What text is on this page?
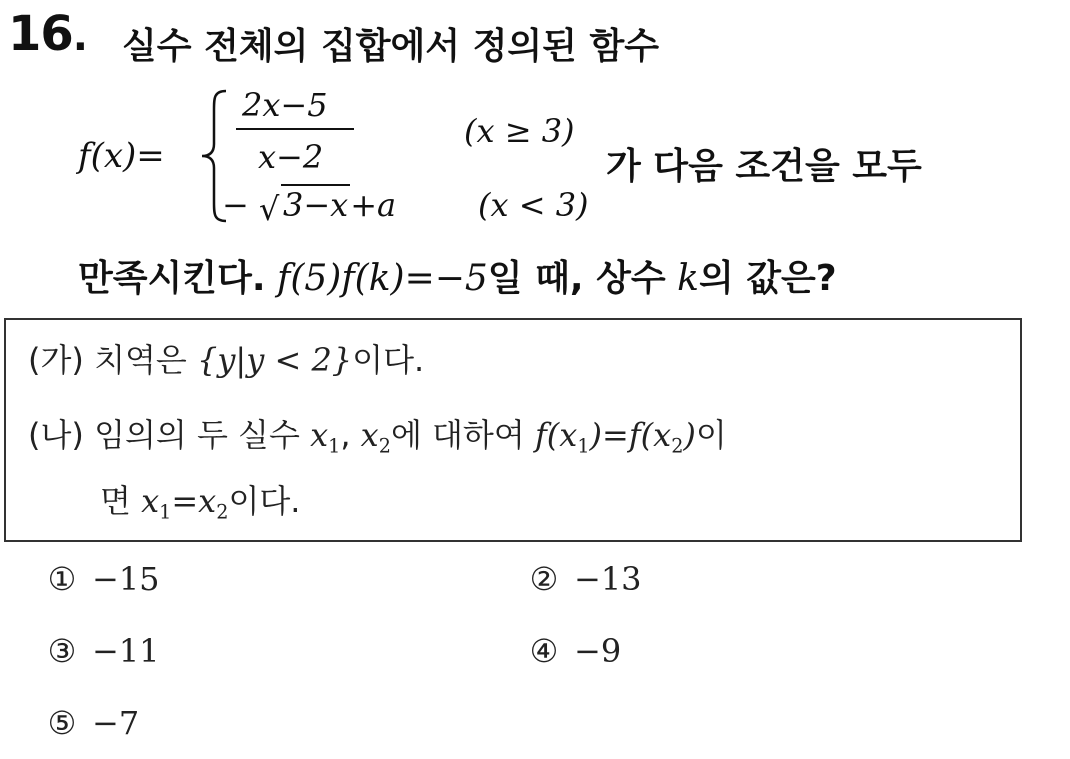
16. 실수 전체의 집합에서 정의된 함수
f(x)=
2x−5
x−2
(x ≥ 3)
− √ 3−x+a	(x < 3)
가 다음 조건을 모두
만족시킨다. f(5)f(k)=−5일 때, 상수 k의 값은?
(가) 치역은 {y|y < 2}이다.
(나) 임의의 두 실수 $x_1$, $x_2$에 대하여 $f(x_1)=f(x_2)$이
면 $x_1=x_2$이다.
① −15	② −13
③ −11	④ −9
⑤ −7
